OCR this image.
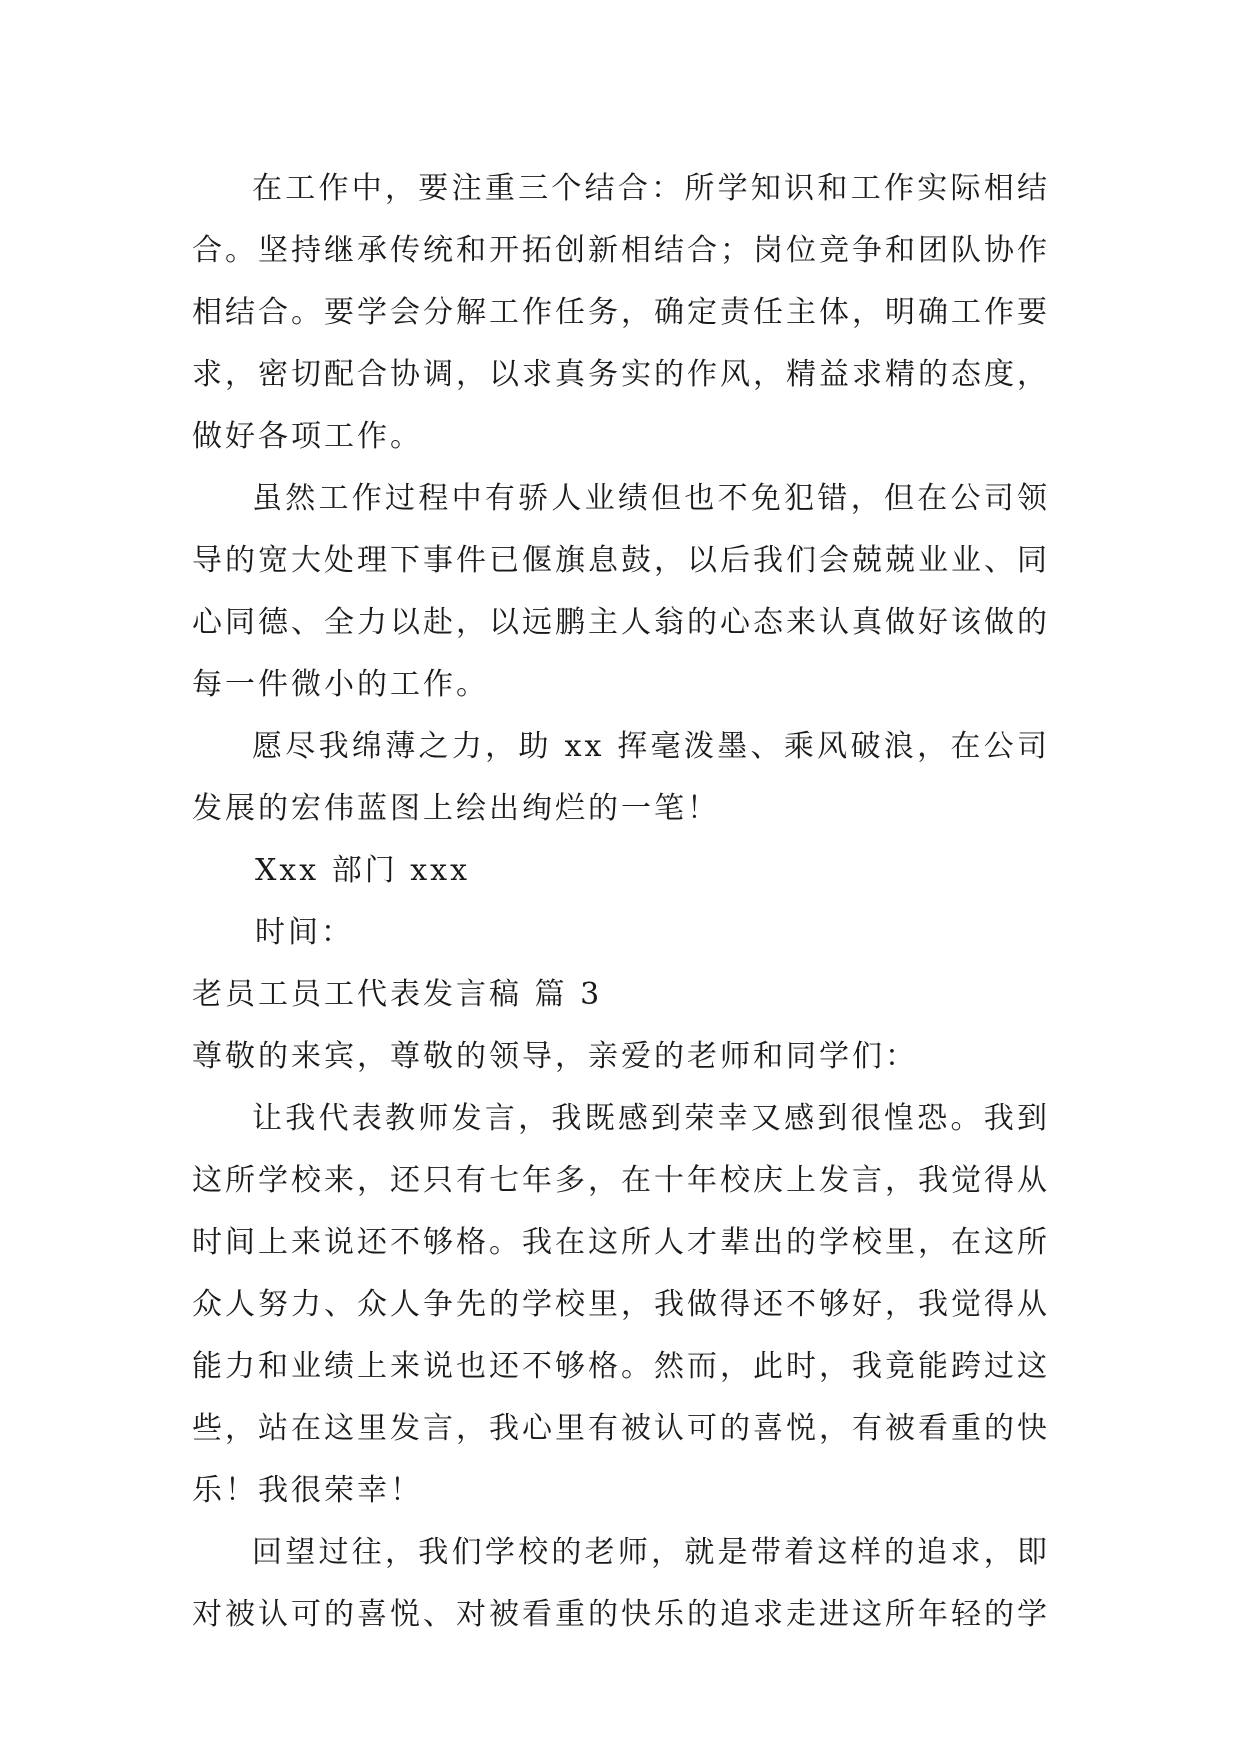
在工作中，要注重三个结合：所学知识和工作实际相结合。坚持继承传统和开拓创新相结合；岗位竞争和团队协作相结合。要学会分解工作任务，确定责任主体，明确工作要求，密切配合协调，以求真务实的作风，精益求精的态度，做好各项工作。

虽然工作过程中有骄人业绩但也不免犯错，但在公司领导的宽大处理下事件已偃旗息鼓，以后我们会兢兢业业、同心同德、全力以赴，以远鹏主人翁的心态来认真做好该做的每一件微小的工作。

愿尽我绵薄之力，助 xx 挥毫泼墨、乘风破浪，在公司发展的宏伟蓝图上绘出绚烂的一笔！

Xxx 部门 xxx

时间：

老员工员工代表发言稿 篇 3

尊敬的来宾，尊敬的领导，亲爱的老师和同学们：

让我代表教师发言，我既感到荣幸又感到很惶恐。我到这所学校来，还只有七年多，在十年校庆上发言，我觉得从时间上来说还不够格。我在这所人才辈出的学校里，在这所众人努力、众人争先的学校里，我做得还不够好，我觉得从能力和业绩上来说也还不够格。然而，此时，我竟能跨过这些，站在这里发言，我心里有被认可的喜悦，有被看重的快乐！我很荣幸！

回望过往，我们学校的老师，就是带着这样的追求，即对被认可的喜悦、对被看重的快乐的追求走进这所年轻的学
